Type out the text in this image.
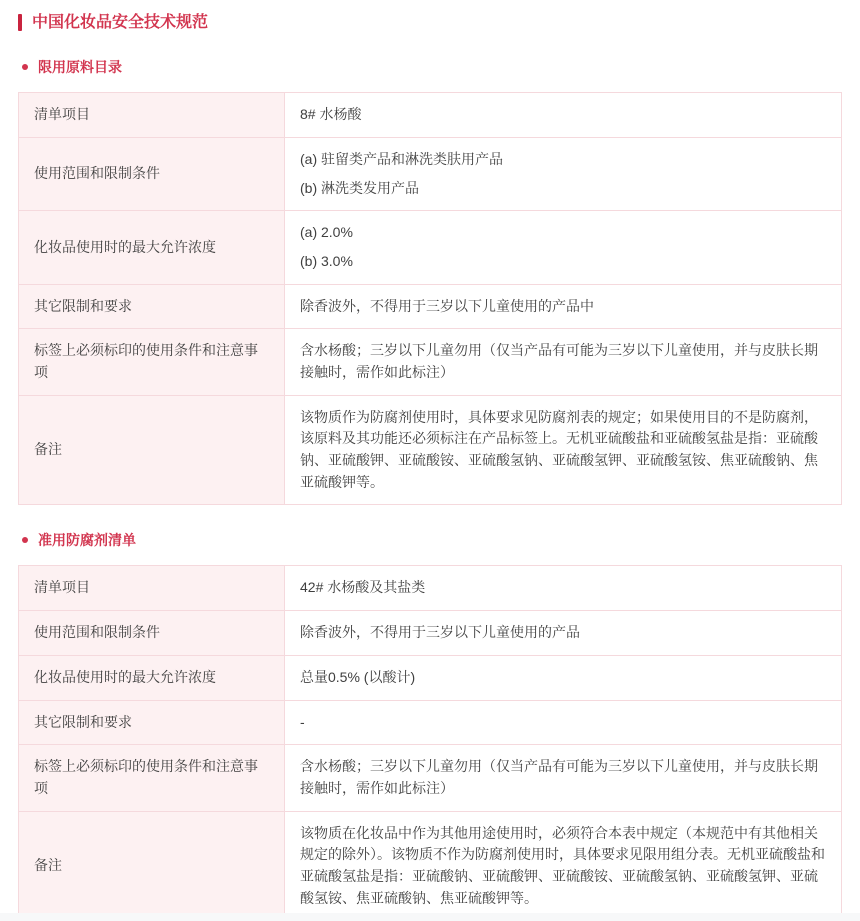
中国化妆品安全技术规范
限用原料目录
清单项目	8# 水杨酸

使用范围和限制条件	(a) 驻留类产品和淋洗类肤用产品
(b) 淋洗类发用产品

化妆品使用时的最大允许浓度	(a) 2.0%
(b) 3.0%

其它限制和要求	除香波外，不得用于三岁以下儿童使用的产品中

标签上必须标印的使用条件和注意事项	含水杨酸；三岁以下儿童勿用（仅当产品有可能为三岁以下儿童使用，并与皮肤长期接触时，需作如此标注）

备注	该物质作为防腐剂使用时，具体要求见防腐剂表的规定；如果使用目的不是防腐剂，该原料及其功能还必须标注在产品标签上。无机亚硫酸盐和亚硫酸氢盐是指：亚硫酸钠、亚硫酸钾、亚硫酸铵、亚硫酸氢钠、亚硫酸氢钾、亚硫酸氢铵、焦亚硫酸钠、焦亚硫酸钾等。
准用防腐剂清单
清单项目	42# 水杨酸及其盐类

使用范围和限制条件	除香波外，不得用于三岁以下儿童使用的产品

化妆品使用时的最大允许浓度	总量0.5% (以酸计)

其它限制和要求	-

标签上必须标印的使用条件和注意事项	含水杨酸；三岁以下儿童勿用（仅当产品有可能为三岁以下儿童使用，并与皮肤长期接触时，需作如此标注）

备注	该物质在化妆品中作为其他用途使用时，必须符合本表中规定（本规范中有其他相关规定的除外）。该物质不作为防腐剂使用时，具体要求见限用组分表。无机亚硫酸盐和亚硫酸氢盐是指：亚硫酸钠、亚硫酸钾、亚硫酸铵、亚硫酸氢钠、亚硫酸氢钾、亚硫酸氢铵、焦亚硫酸钠、焦亚硫酸钾等。
